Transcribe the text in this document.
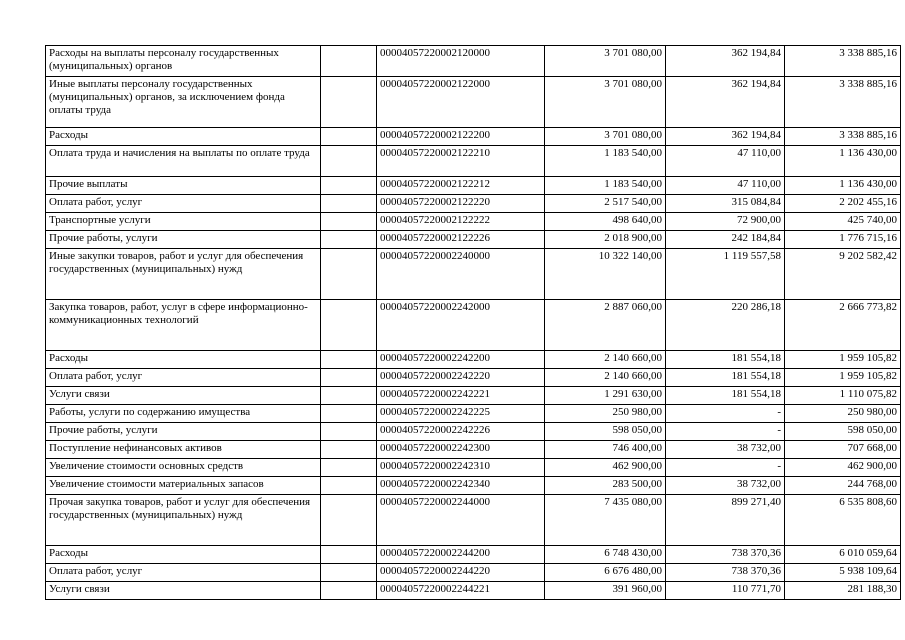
Расходы на выплаты персоналу государственных (муниципальных) органов		00004057220002120000	3 701 080,00	362 194,84	3 338 885,16
Иные выплаты персоналу государственных (муниципальных) органов, за исключением фонда оплаты труда		00004057220002122000	3 701 080,00	362 194,84	3 338 885,16
Расходы		00004057220002122200	3 701 080,00	362 194,84	3 338 885,16
Оплата труда и начисления на выплаты по оплате труда		00004057220002122210	1 183 540,00	47 110,00	1 136 430,00
Прочие выплаты		00004057220002122212	1 183 540,00	47 110,00	1 136 430,00
Оплата работ, услуг		00004057220002122220	2 517 540,00	315 084,84	2 202 455,16
Транспортные услуги		00004057220002122222	498 640,00	72 900,00	425 740,00
Прочие работы, услуги		00004057220002122226	2 018 900,00	242 184,84	1 776 715,16
Иные закупки товаров, работ и услуг для обеспечения государственных (муниципальных) нужд		00004057220002240000	10 322 140,00	1 119 557,58	9 202 582,42
Закупка товаров, работ, услуг в сфере информационно-коммуникационных технологий		00004057220002242000	2 887 060,00	220 286,18	2 666 773,82
Расходы		00004057220002242200	2 140 660,00	181 554,18	1 959 105,82
Оплата работ, услуг		00004057220002242220	2 140 660,00	181 554,18	1 959 105,82
Услуги связи		00004057220002242221	1 291 630,00	181 554,18	1 110 075,82
Работы, услуги по содержанию имущества		00004057220002242225	250 980,00	-	250 980,00
Прочие работы, услуги		00004057220002242226	598 050,00	-	598 050,00
Поступление нефинансовых активов		00004057220002242300	746 400,00	38 732,00	707 668,00
Увеличение стоимости основных средств		00004057220002242310	462 900,00	-	462 900,00
Увеличение стоимости материальных запасов		00004057220002242340	283 500,00	38 732,00	244 768,00
Прочая закупка товаров, работ и услуг для обеспечения государственных (муниципальных) нужд		00004057220002244000	7 435 080,00	899 271,40	6 535 808,60
Расходы		00004057220002244200	6 748 430,00	738 370,36	6 010 059,64
Оплата работ, услуг		00004057220002244220	6 676 480,00	738 370,36	5 938 109,64
Услуги связи		00004057220002244221	391 960,00	110 771,70	281 188,30
